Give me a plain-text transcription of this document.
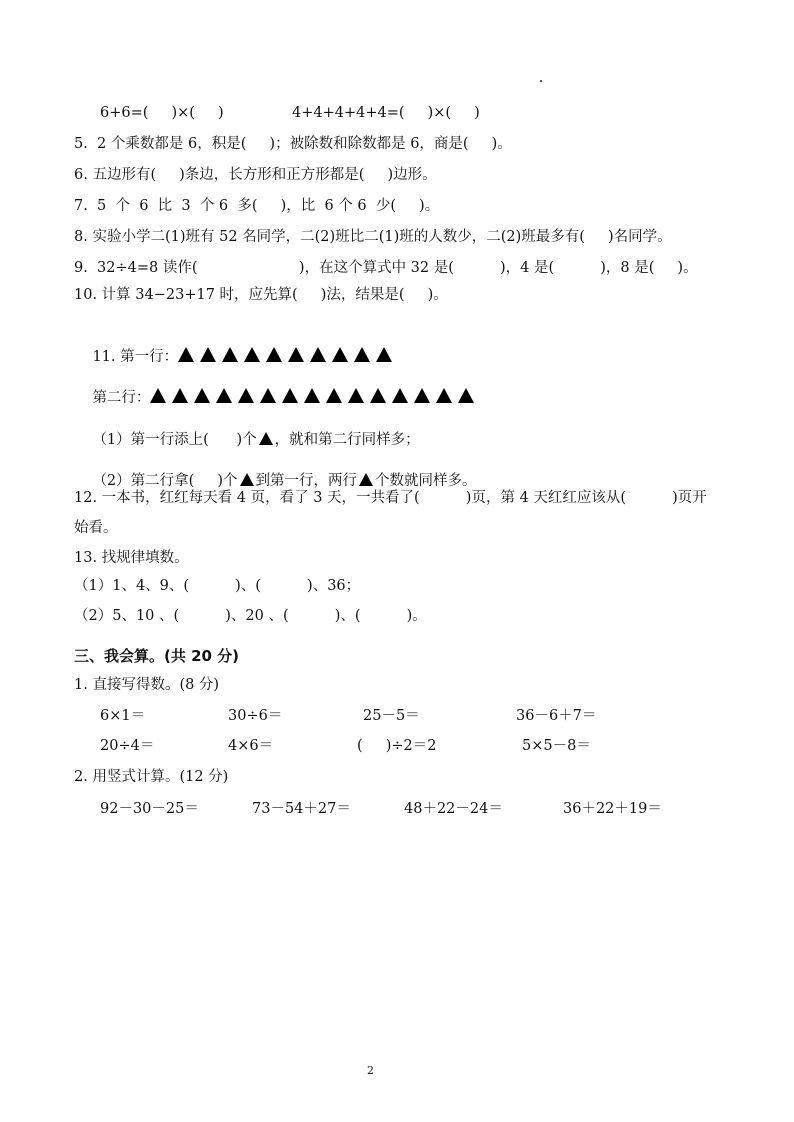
6+6=(     )×(     )	4+4+4+4+4=(     )×(     )
5.  2 个乘数都是 6，积是(     )；被除数和除数都是 6，商是(     )。
6. 五边形有(     )条边，长方形和正方形都是(     )边形。
7.  5  个  6  比  3  个 6  多(     )，比  6 个 6  少(     )。
8. 实验小学二(1)班有 52 名同学，二(2)班比二(1)班的人数少，二(2)班最多有(     )名同学。
9.  32÷4=8 读作(                      )，在这个算式中 32 是(          )，4 是(          )，8 是(     )。
10. 计算 34−23+17 时，应先算(     )法，结果是(     )。

11. 第一行：

第二行：

（1）第一行添上(      )个 ，就和第二行同样多；

（2）第二行拿(     )个 到第一行，两行 个数就同样多。

12. 一本书，红红每天看 4 页，看了 3 天，一共看了(          )页，第 4 天红红应该从(          )页开
始看。
13. 找规律填数。
（1）1、4、9、(          )、(          )、36；
（2）5、10 、(          )、20 、(          )、(          )。
三、我会算。(共 20 分)
1. 直接写得数。(8 分)
6×1＝	30÷6＝	25－5＝	36－6＋7＝
20÷4＝	4×6＝	(     )÷2＝2	5×5－8＝
2. 用竖式计算。(12 分)
92－30－25＝	73－54＋27＝	48＋22－24＝	36＋22＋19＝
2
